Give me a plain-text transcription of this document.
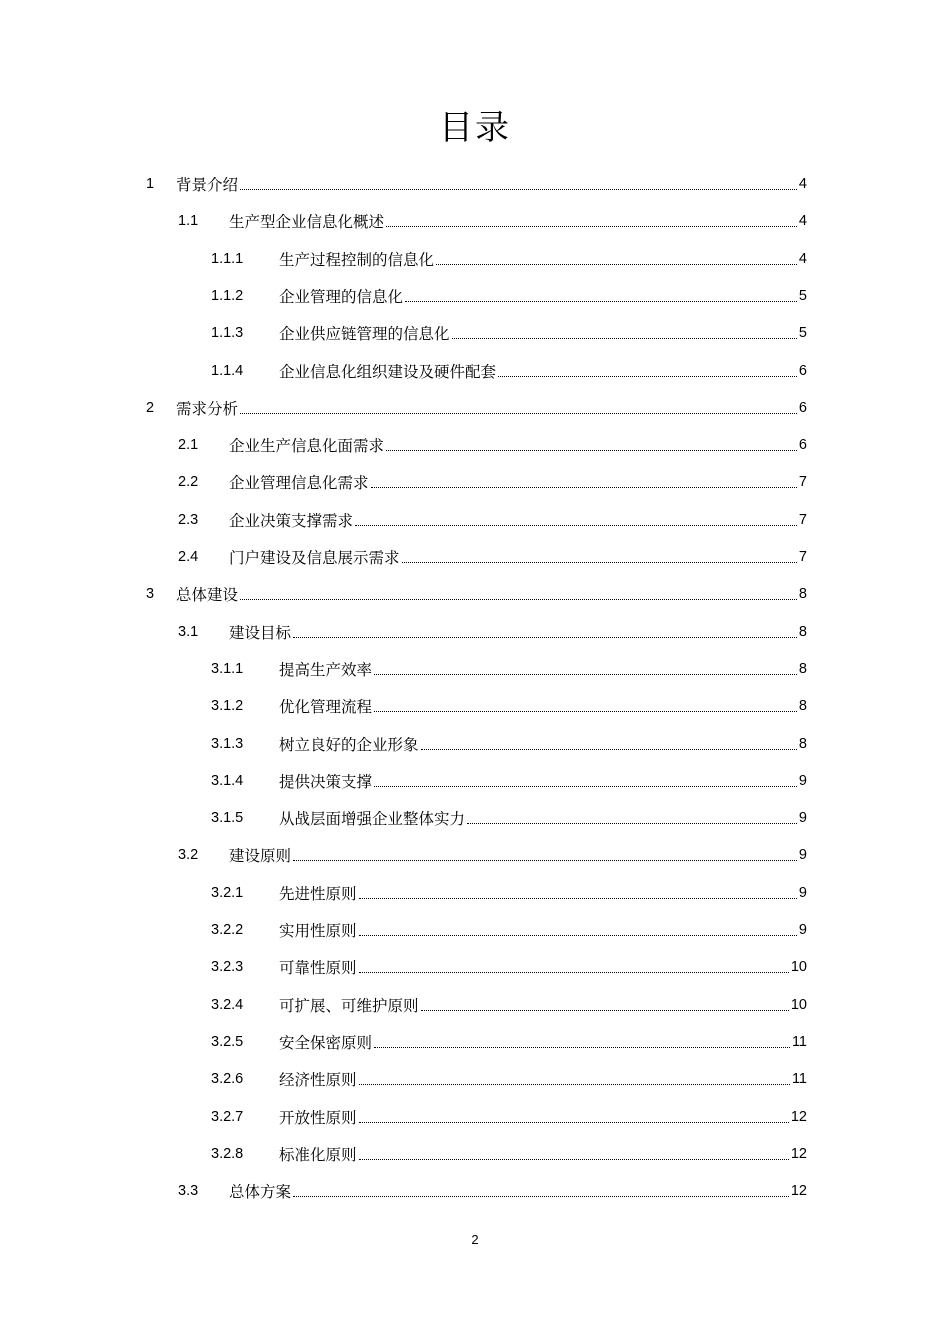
目录
1	背景介绍	4
1.1	生产型企业信息化概述	4
1.1.1	生产过程控制的信息化	4
1.1.2	企业管理的信息化	5
1.1.3	企业供应链管理的信息化	5
1.1.4	企业信息化组织建设及硬件配套	6
2	需求分析	6
2.1	企业生产信息化面需求	6
2.2	企业管理信息化需求	7
2.3	企业决策支撑需求	7
2.4	门户建设及信息展示需求	7
3	总体建设	8
3.1	建设目标	8
3.1.1	提高生产效率	8
3.1.2	优化管理流程	8
3.1.3	树立良好的企业形象	8
3.1.4	提供决策支撑	9
3.1.5	从战层面增强企业整体实力	9
3.2	建设原则	9
3.2.1	先进性原则	9
3.2.2	实用性原则	9
3.2.3	可靠性原则	10
3.2.4	可扩展、可维护原则	10
3.2.5	安全保密原则	11
3.2.6	经济性原则	11
3.2.7	开放性原则	12
3.2.8	标准化原则	12
3.3	总体方案	12
2
